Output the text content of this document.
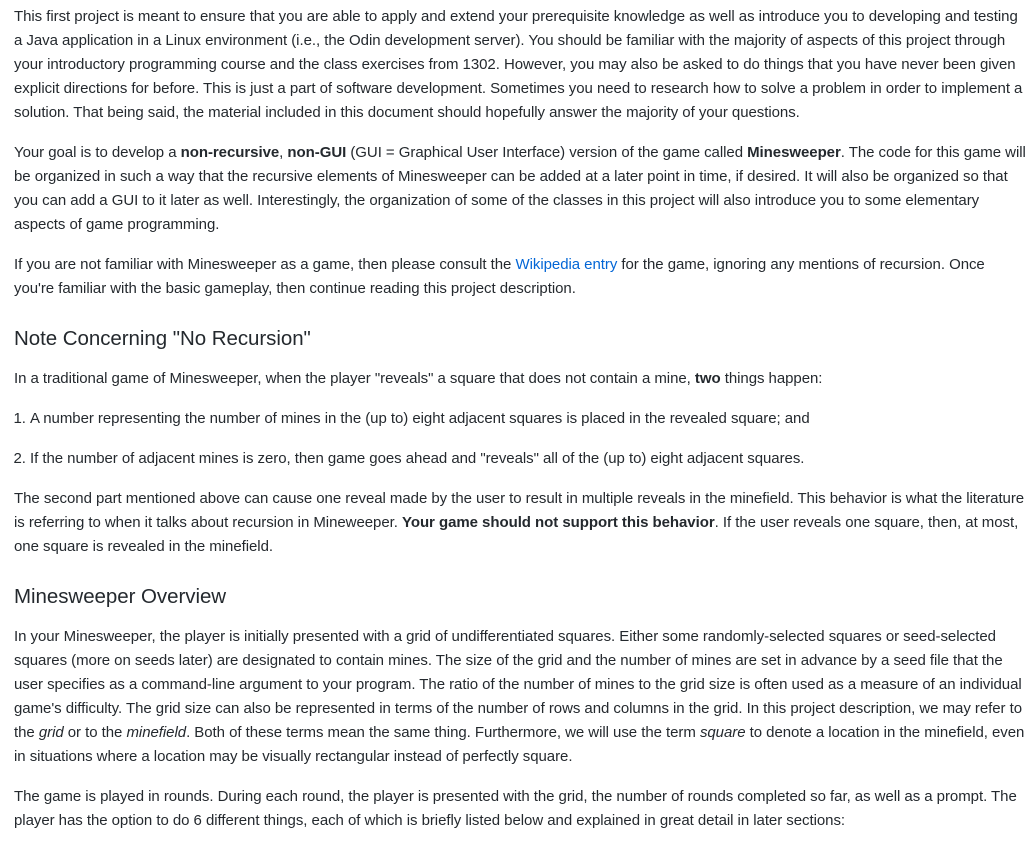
This first project is meant to ensure that you are able to apply and extend your prerequisite knowledge as well as introduce you to developing and testing a Java application in a Linux environment (i.e., the Odin development server). You should be familiar with the majority of aspects of this project through your introductory programming course and the class exercises from 1302. However, you may also be asked to do things that you have never been given explicit directions for before. This is just a part of software development. Sometimes you need to research how to solve a problem in order to implement a solution. That being said, the material included in this document should hopefully answer the majority of your questions.

Your goal is to develop a non-recursive, non-GUI (GUI = Graphical User Interface) version of the game called Minesweeper. The code for this game will be organized in such a way that the recursive elements of Minesweeper can be added at a later point in time, if desired. It will also be organized so that you can add a GUI to it later as well. Interestingly, the organization of some of the classes in this project will also introduce you to some elementary aspects of game programming.

If you are not familiar with Minesweeper as a game, then please consult the Wikipedia entry for the game, ignoring any mentions of recursion. Once you're familiar with the basic gameplay, then continue reading this project description.

Note Concerning "No Recursion"

In a traditional game of Minesweeper, when the player "reveals" a square that does not contain a mine, two things happen:

1. A number representing the number of mines in the (up to) eight adjacent squares is placed in the revealed square; and
2. If the number of adjacent mines is zero, then game goes ahead and "reveals" all of the (up to) eight adjacent squares.

The second part mentioned above can cause one reveal made by the user to result in multiple reveals in the minefield. This behavior is what the literature is referring to when it talks about recursion in Mineweeper. Your game should not support this behavior. If the user reveals one square, then, at most, one square is revealed in the minefield.

Minesweeper Overview

In your Minesweeper, the player is initially presented with a grid of undifferentiated squares. Either some randomly-selected squares or seed-selected squares (more on seeds later) are designated to contain mines. The size of the grid and the number of mines are set in advance by a seed file that the user specifies as a command-line argument to your program. The ratio of the number of mines to the grid size is often used as a measure of an individual game's difficulty. The grid size can also be represented in terms of the number of rows and columns in the grid. In this project description, we may refer to the grid or to the minefield. Both of these terms mean the same thing. Furthermore, we will use the term square to denote a location in the minefield, even in situations where a location may be visually rectangular instead of perfectly square.

The game is played in rounds. During each round, the player is presented with the grid, the number of rounds completed so far, as well as a prompt. The player has the option to do 6 different things, each of which is briefly listed below and explained in great detail in later sections:
